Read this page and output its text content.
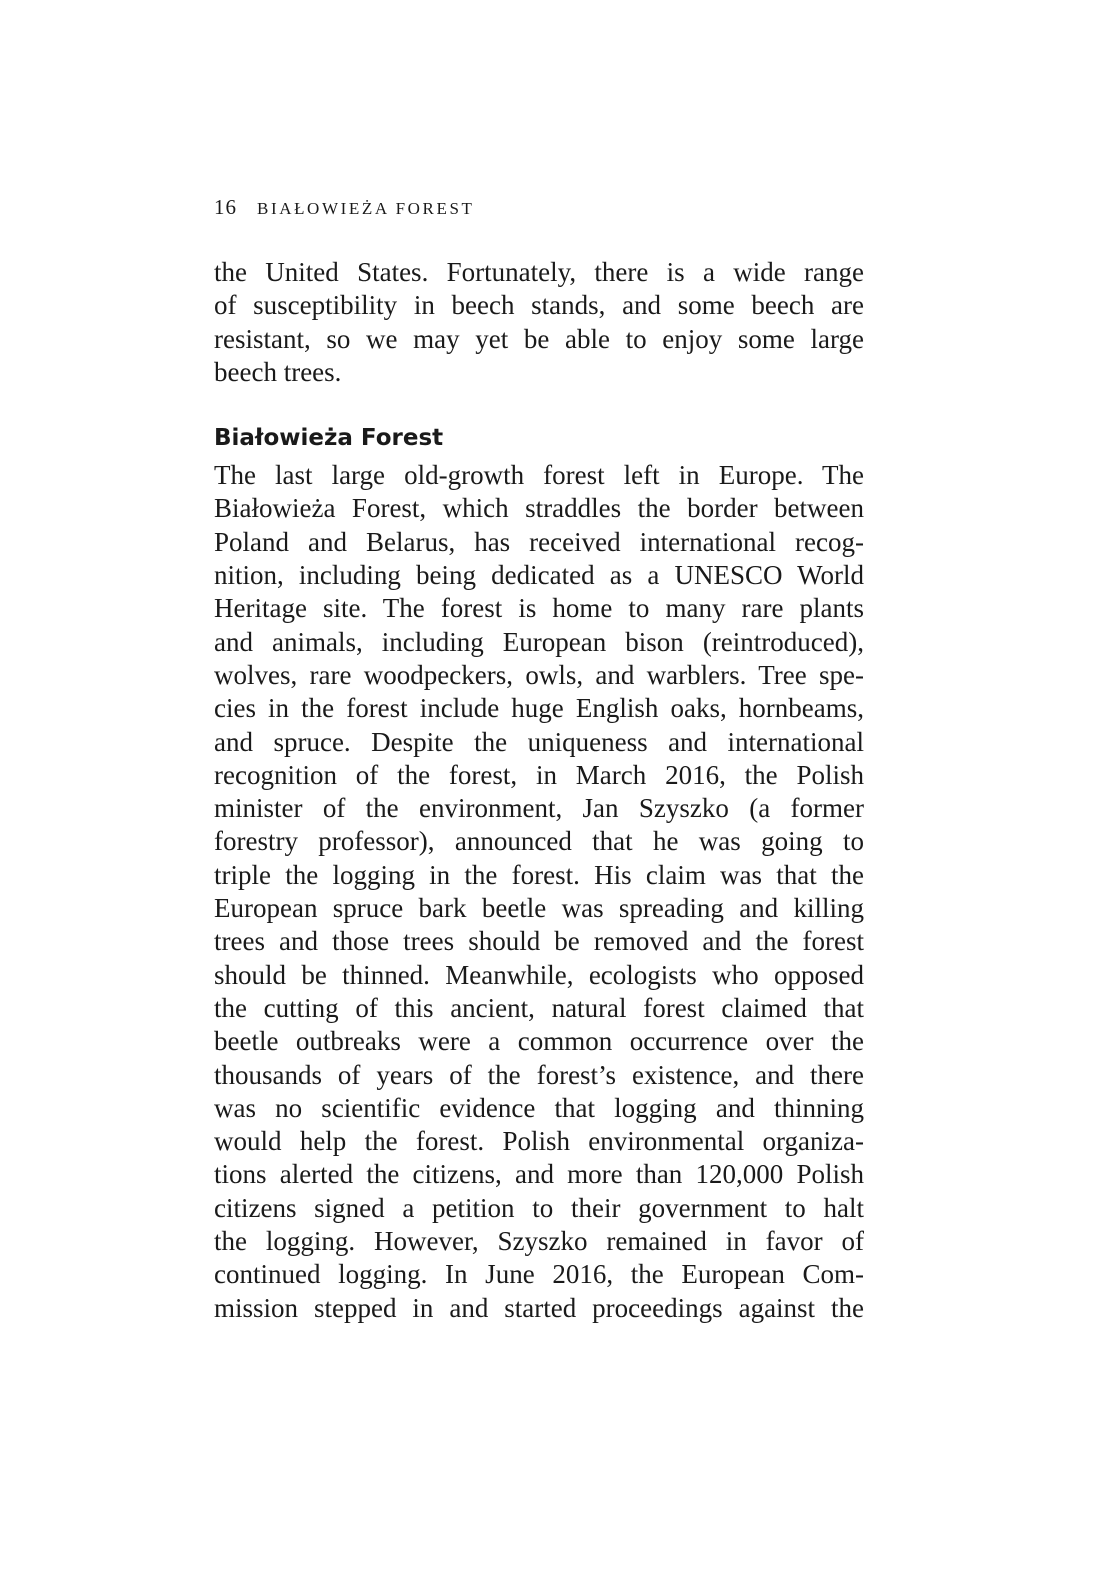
16 BIAŁOWIEŻA FOREST
the United States. Fortunately, there is a wide range
of susceptibility in beech stands, and some beech are
resistant, so we may yet be able to enjoy some large
beech trees.
Białowieża Forest
The last large old-growth forest left in Europe. The
Białowieża Forest, which straddles the border between
Poland and Belarus, has received international recog-
nition, including being dedicated as a UNESCO World
Heritage site. The forest is home to many rare plants
and animals, including European bison (reintroduced),
wolves, rare woodpeckers, owls, and warblers. Tree spe-
cies in the forest include huge English oaks, hornbeams,
and spruce. Despite the uniqueness and international
recognition of the forest, in March 2016, the Polish
minister of the environment, Jan Szyszko (a former
forestry professor), announced that he was going to
triple the logging in the forest. His claim was that the
European spruce bark beetle was spreading and killing
trees and those trees should be removed and the forest
should be thinned. Meanwhile, ecologists who opposed
the cutting of this ancient, natural forest claimed that
beetle outbreaks were a common occurrence over the
thousands of years of the forest’s existence, and there
was no scientific evidence that logging and thinning
would help the forest. Polish environmental organiza-
tions alerted the citizens, and more than 120,000 Polish
citizens signed a petition to their government to halt
the logging. However, Szyszko remained in favor of
continued logging. In June 2016, the European Com-
mission stepped in and started proceedings against the
